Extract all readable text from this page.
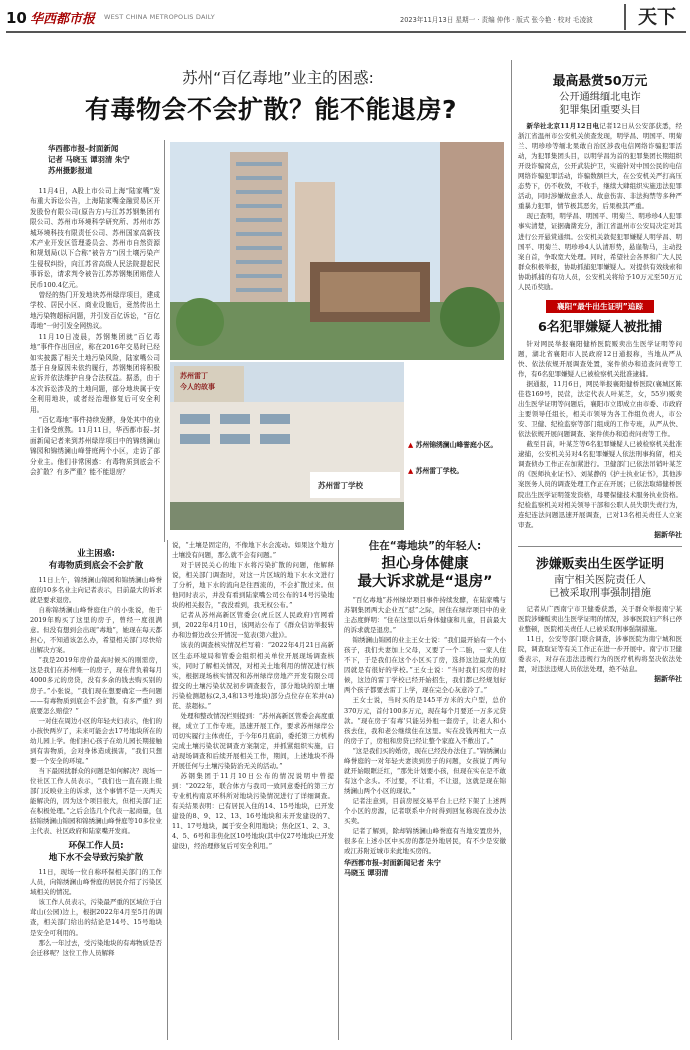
10 华西都市报 WEST CHINA METROPOLIS DAILY	2023年11月13日 星期一 · 责编 仲伟 · 版式 张今艳 · 校对 毛凌波	天下
苏州“百亿毒地”业主的困惑:
有毒物会不会扩散？能不能退房?
华西都市报–封面新闻
记者 马晓玉 谭羽清 朱宁
苏州摄影报道

11月4日，A股上市公司上海“陆家嘴”发布重大诉讼公告，上海陆家嘴金融贸易区开发股份有限公司(原告方)与江苏苏钢集团有限公司、苏州市环境科学研究所、苏州市苏城环境科技有限责任公司、苏州国家高新技术产业开发区管理委员会、苏州市自然资源和规划局(以下合称“被告方”)因土壤污染产生侵权纠纷，向江苏省高级人民法院提起民事诉讼，请求判令被告江苏苏钢集团赔偿人民币100.4亿元。

曾经的热门开发地块苏州绿岸项目，建成学校、居民小区、商业设施后，竟然传出土地污染物超标问题，并引发百亿诉讼，“百亿毒地”一时引发全网热议。

11月10日凌晨，苏钢集团就“百亿毒地”事件作出回应，称在2016年交易时已经如实披露了相关土地污染风险，陆家嘴公司基于自身原因未依约履行，苏钢集团将积极应诉并依法维护自身合法权益。据悉，由于本次诉讼涉及的土地问题，部分地块属于安全利用地块，或者经治理修复后可安全利用。

“百亿毒地”事件持续发酵，身处其中的业主们备受煎熬。11月11日，华西都市报–封面新闻记者来到苏州绿岸项目中的锦绣澜山锦园和锦绣澜山峰誉庭两个小区，走访了部分业主。他们非常困惑：有毒物质到底会不会扩散？有多严重？能不能退房？

苏州雷丁
今人的故事
苏州雷丁学校
▲ 苏州锦绣澜山峰誉庭小区。
▲ 苏州雷丁学校。
业主困惑:
有毒物质到底会不会扩散

11日上午，锦绣澜山锦园和锦绣澜山峰誉庭的10多名业主向记者表示，目前最大的诉求就是要求退房。

自称锦绣澜山峰誉庭住户的小张说，他于2019年购买了这里的房子，曾经一度很满意。但没有想到会出现“毒地”，她现在每天都担心，不知道该怎么办，希望相关部门尽快给出解决方案。

“我是2019年房价最高时候买的刚需房，这是我们在苏州唯一的房子，现在背负着每月4000多元的房贷，没有多余的钱去购买别的房子。”小张说，“我们现在想要确定一些问题——有毒物质到底会不会扩散，有多严重？到底要怎么赔偿？”

一对住在周边小区的年轻夫妇表示，他们的小孩快两岁了，未来可能会去17号地块所在的幼儿园上学。他们担心孩子在幼儿园长期接触到有害物质，会对身体造成损害，“我们只想要一个安全的环境。”

当下最困扰群众的问题是如何解决？现场一位社区工作人员表示，“我们也一直在跟上级部门反映业主的诉求，这个事情不是一天两天能解决的，因为这个项目很大，但相关部门正在积极处理。”之后会选几个代表一起商量，包括锦绣澜山锦园和锦绣澜山峰誉庭等10多位业主代表、社区政府和陆家嘴开发商。

环保工作人员:
地下水不会导致污染扩散

11日，现场一位自称环保相关部门的工作人员，向锦绣澜山峰誉庭的居民介绍了污染区域相关的情况。

该工作人员表示，污染最严重的区域位于白茸山(公园)边上，根据2022年4月至5月的调查，相关部门给出的结论是14号、15号地块是安全可利用的。

那么一年过去，受污染地块的有毒物质是否会迁移呢？这位工作人员解释

说，“土壤是固定的，不像地下水会流动。如果这个地方土壤没有问题，那么就不会有问题。”

对于居民关心的地下水将污染扩散的问题，他解释说，相关部门调查时，对这一片区域的地下水水文进行了分析，地下水的流向是往西流的，不会扩散过来。但他同时表示，并没有看到陆家嘴公司公布的14号污染地块的相关报告，“我没看到，我无权公布。”

记者从苏州高新区管委会(虎丘区人民政府)官网看到，2022年4月10日，该网站公布了《群众信访举报转办和边督边改公开情况一览表(第六批)》。

该表的调查核实情况栏写着：“2022年4月21日高新区生态环境局和管委会组织相关单位开展现场调查核实，同时了解相关情况，对相关土地利用的情况进行核实，根据现场核实情况和苏州绿岸房地产开发有限公司提交的土壤污染状况初步调查报告，部分地块的原土壤污染检测超标(2,3,4和13号地块)部分点位存在苯并(a)芘、萘超标。”

处理和整改情况栏则提到：“苏州高新区管委会高度重视，成立了工作专班，迅速开展工作，要求苏州绿岸公司切实履行主体责任，于今年6月底前，委托第三方机构完成土壤污染状况调查方案制定，并抓紧组织实施，启动现场调查和后续开展相关工作，期间，上述地块不得开展任何与土壤污染防治无关的活动。”

苏钢集团于11月10日公布的情况说明中曾提到：“2022年，联合体方与我司一致同意委托的第三方专业机构南京环科所对地块污染情况进行了详细调查。有关结果表明：已有居民入住的14、15号地块，已开发建设的8、9、12、13、16号地块和未开发建设的7、11、17号地块，属于安全利用地块；焦化区1、2、3、4、5、6号和非焦化区10号地块(其中仅27号地块已开发建设)，经治理修复后可安全利用。”

住在“毒地块”的年轻人:
担心身体健康
最大诉求就是“退房”

“百亿毒地”苏州绿岸项目事件持续发酵，在陆家嘴与苏钢集团两大企业互“怼”之际，居住在绿岸项目中的业主态度鲜明：“住在这里以后身体健康和儿童，目前最大的诉求就是退房。”

锦绣澜山锦园的业主王女士说：“我们最开始有一个小孩子，我们夫妻加上父母，又要了一个二胎，一家人住不下，于是我们在这个小区买了房，选择这边最大的原因就是有很好的学校。”王女士说：“当时我们买房的时候，这边的雷丁学校已经开始招生，我们都已经规划好两个孩子都要去雷丁上学，现在完全心灰意冷了。”

王女士说，当时买的是145平方米的大户型，总价370万元，首付100多万元，现在每个月要还一万多元贷款。“现在房子‘有毒’只能另外租一套房子，让老人和小孩去住，我和老公继续住在这里。实在没钱再租大一点的房子了，房租和房贷已经让整个家庭入不敷出了。”

“这是我们买的婚房，现在已经没办法住了。”锦绣澜山峰誉庭的一对年轻夫妻读到房子的问题，女孩说了两句就开始眼眶泛红，“那先计划要小孩，但现在实在是不敢有这个念头。不过要，不让看，不让退，这就是现在锦绣澜山两个小区的现状。”

记者注意到，目前房屋交易平台上已经下架了上述两个小区的房源，记者联系中介时得到回复称现在没办法买卖。

记者了解到，除却锦绣澜山峰誉庭有当地安置房外，很多在上述小区中买房的都是外地居民，有不少是安徽或江苏附近城市来此地买房的。

华西都市报–封面新闻记者 朱宁
马晓玉 谭羽清
最高悬赏50万元
公开通缉缅北电诈
犯罪集团重要头目

新华社北京11月12日电记者12日从公安部获悉，经浙江省温州市公安机关侦查发现，明学昌、明国平、明菊兰、明珍珍等缅北果敢自治区涉我电信网络诈骗犯罪活动，为犯罪集团头目，以明学昌为首的犯罪集团长期组织开设诈骗窝点，公开武装护卫，实施针对中国公民的电信网络诈骗犯罪活动，诈骗数额巨大，在公安机关严打高压态势下，仍不收敛，不收手，继续大肆组织实施违法犯罪活动，同时涉嫌故意杀人、故意伤害、非法拘禁等多种严重暴力犯罪，情节极其恶劣，后果极其严重。

现已查明，明学昌、明国平、明菊兰、明珍珍4人犯罪事实清楚，证据确凿充分，浙江省温州市公安局决定对其进行公开悬赏通缉。公安机关敦促犯罪嫌疑人明学昌、明国平、明菊兰、明珍珍4人认清形势，悬崖勒马，主动投案自首，争取宽大处理。同时，希望社会各界和广大人民群众积极举报，协助抓捕犯罪嫌疑人。对提供有效线索和协助抓捕的有功人员，公安机关将给予10万元至50万元人民币奖励。

襄阳“最牛出生证明”追踪
6名犯罪嫌疑人被批捕

针对网民举报襄阳健桥医院贩卖出生医学证明等问题，湖北省襄阳市人民政府12日通报称，当地从严从快、依法依规开展调查处置，案件侦办和追查问责等工作，有6名犯罪嫌疑人已被检察机关批准逮捕。

据通报，11月6日，网民举报襄阳健桥医院(襄城区陈佳巷169号，民营，法定代表人叶某芝，女，55岁)贩卖出生医学证明等问题后，襄阳市立即成立由市委、市政府主要领导任组长，相关市领导为各工作组负责人，市公安、卫健、纪检监察等部门组成的工作专班，从严从快、依法依规开展问题调查、案件侦办和追责问责等工作。

截至目前，叶某芝等6名犯罪嫌疑人已被检察机关批准逮捕，公安机关另对4名犯罪嫌疑人依法刑事拘留，相关调查侦办工作正在加紧进行。卫健部门已依法吊销叶某芝的《医师执业证书》、刘某静的《护士执业证书》，其他涉案医务人员的调查处理工作正在开展；已依法取缔健桥医院出生医学证明签发资格，母婴保健技术服务执业资格。纪检监察机关对相关领导干部和公职人员失职失责行为，连纪连法问题迅速开展调查，已对13名相关责任人立案审查。

据新华社
涉嫌贩卖出生医学证明
南宁相关医院责任人
已被采取刑事强制措施

记者从广西南宁市卫健委获悉，关于群众举报南宁某医院涉嫌贩卖出生医学证明的情况，涉事医院妇产科已停业整顿，医院相关责任人已被采取刑事强制措施。

11日，公安等部门联合调查，涉事医院为南宁城和医院，调查取证等有关工作正在进一步开展中。南宁市卫健委表示，对存在违法违规行为的医疗机构将坚决依法处置，对违法违规人员依法处理，绝不姑息。

据新华社
